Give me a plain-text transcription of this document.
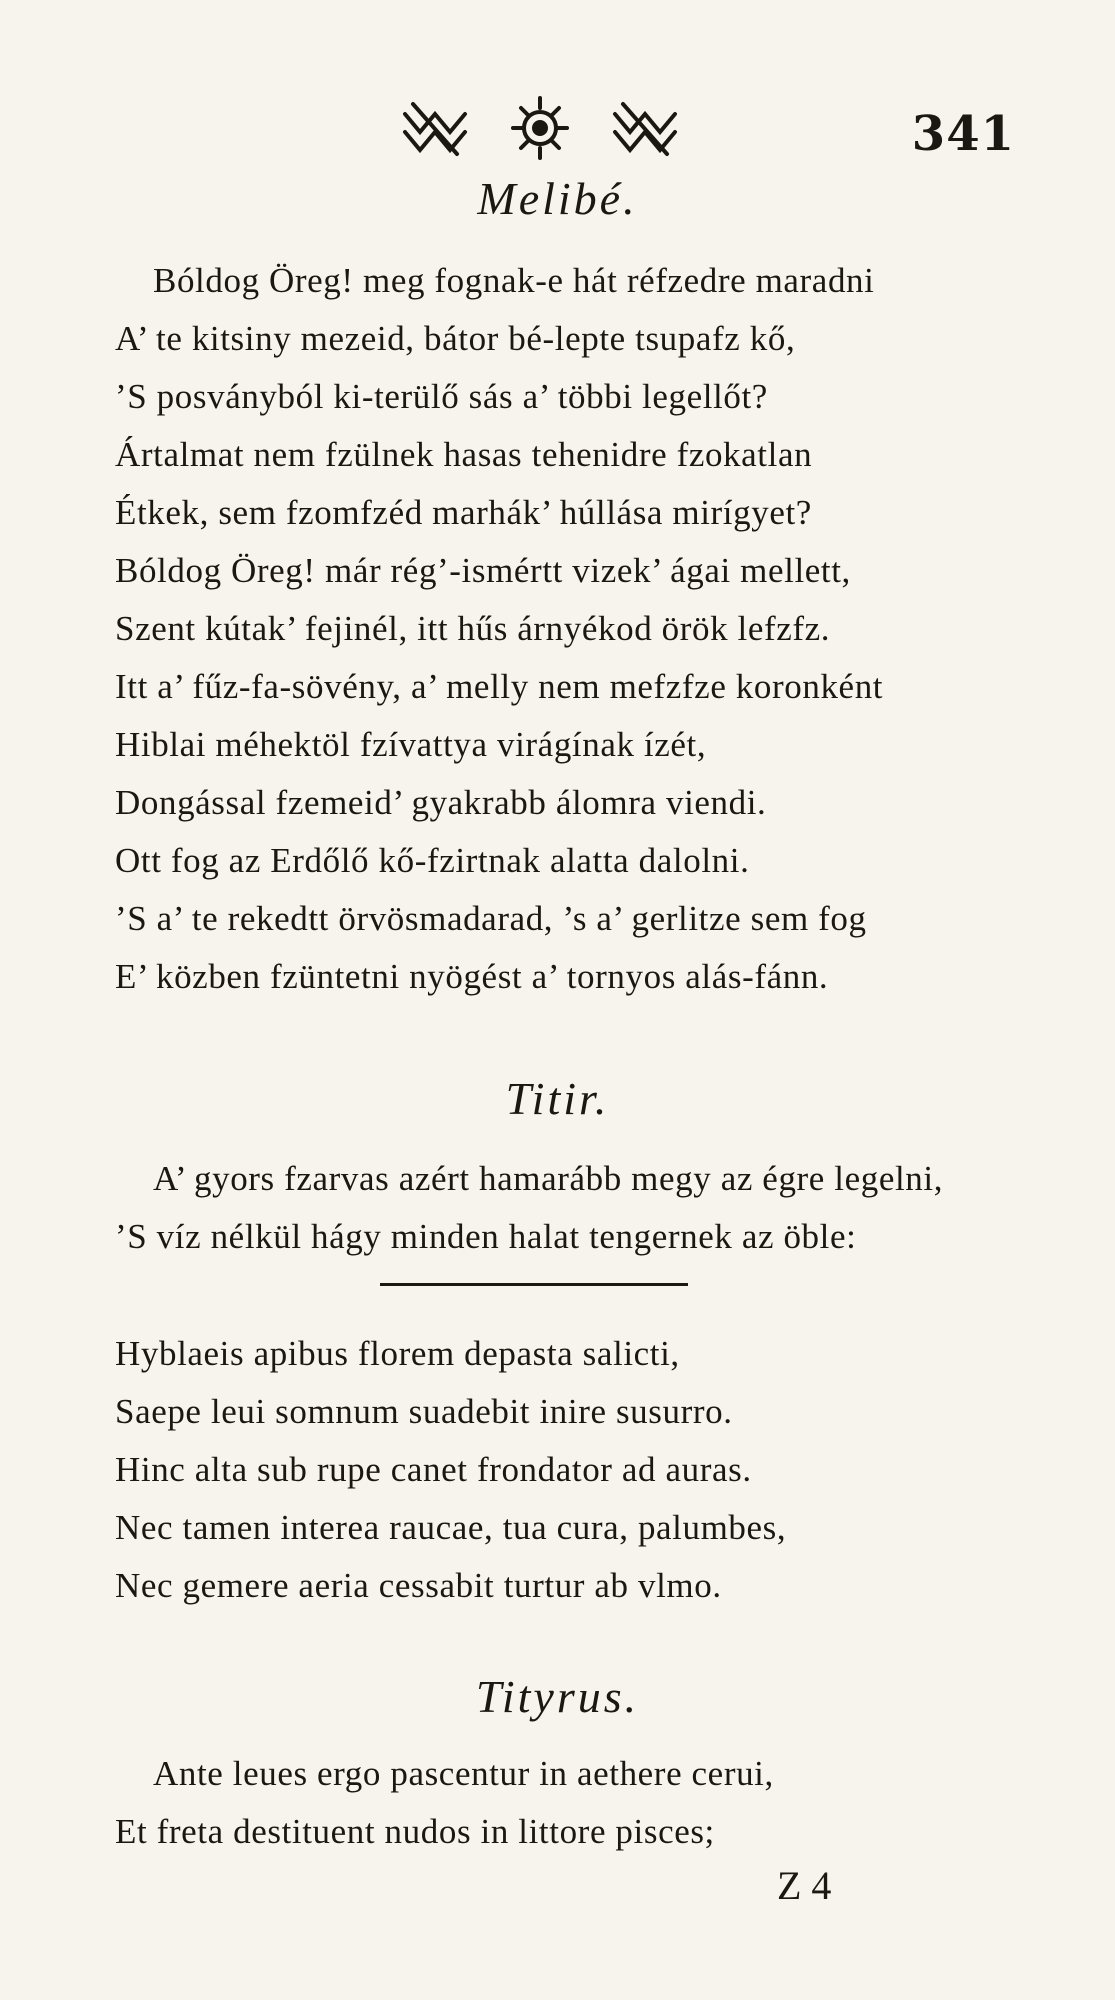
341
Melibé.
Bóldog Öreg! meg fognak-e hát réfzedre maradni
A’ te kitsiny mezeid, bátor bé-lepte tsupafz kő,
’S posványból ki-terülő sás a’ többi legellőt?
Ártalmat nem fzülnek hasas tehenidre fzokatlan
Étkek, sem fzomfzéd marhák’ húllása mirígyet?
Bóldog Öreg! már rég’-ismértt vizek’ ágai mellett,
Szent kútak’ fejinél, itt hűs árnyékod örök lefzfz.
Itt a’ fűz-fa-sövény, a’ melly nem mefzfze koronként
Hiblai méhektöl fzívattya virágínak ízét,
Dongással fzemeid’ gyakrabb álomra viendi.
Ott fog az Erdőlő kő-fzirtnak alatta dalolni.
’S a’ te rekedtt örvösmadarad, ’s a’ gerlitze sem fog
E’ közben fzüntetni nyögést a’ tornyos alás-fánn.
Titir.
A’ gyors fzarvas azért hamarább megy az égre legelni,
’S víz nélkül hágy minden halat tengernek az öble:
Hyblaeis apibus florem depasta salicti,
Saepe leui somnum suadebit inire susurro.
Hinc alta sub rupe canet frondator ad auras.
Nec tamen interea raucae, tua cura, palumbes,
Nec gemere aeria cessabit turtur ab vlmo.
Tityrus.
Ante leues ergo pascentur in aethere cerui,
Et freta destituent nudos in littore pisces;
Z 4
